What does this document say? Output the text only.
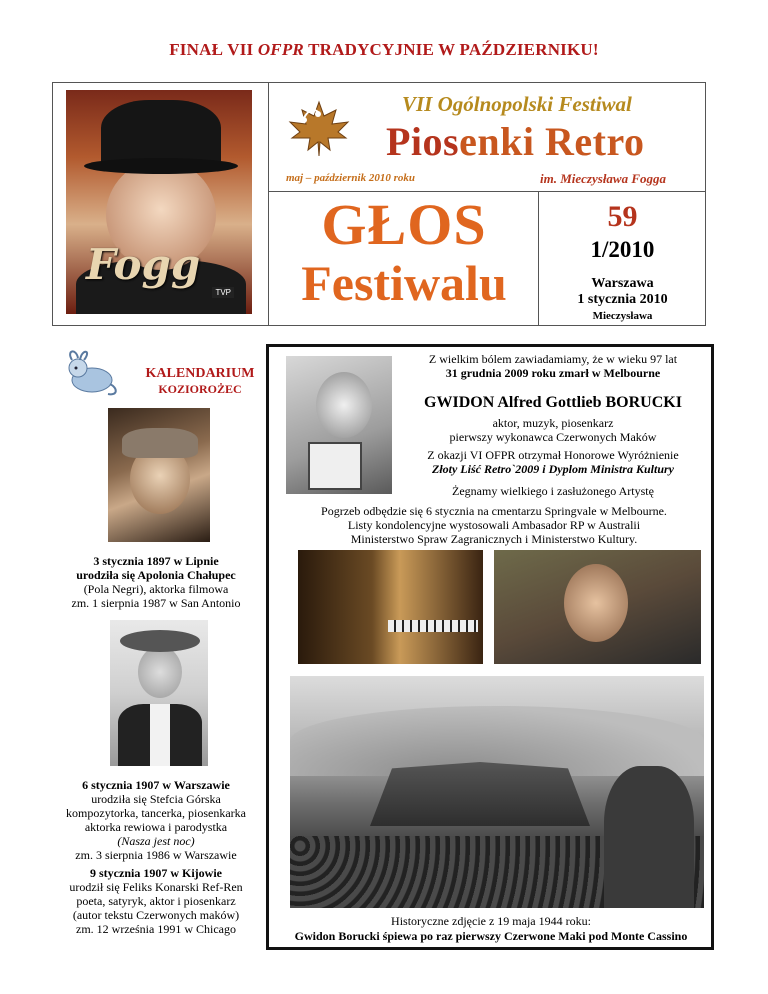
FINAŁ VII OFPR TRADYCYJNIE W PAŹDZIERNIKU!
Fogg
TVP
VII Ogólnopolski Festiwal
Piosenki Retro
maj – październik 2010 roku	im. Mieczysława Fogga
GŁOS
Festiwalu
59
1/2010
Warszawa
1 stycznia 2010
Mieczysława
KALENDARIUM
KOZIOROŻEC
3 stycznia 1897 w Lipnie
urodziła się Apolonia Chałupec
(Pola Negri), aktorka filmowa
zm. 1 sierpnia 1987 w San Antonio
6 stycznia 1907 w Warszawie
urodziła się Stefcia Górska
kompozytorka, tancerka, piosenkarka
aktorka rewiowa i parodystka
(Nasza jest noc)
zm. 3 sierpnia 1986 w Warszawie
9 stycznia 1907 w Kijowie
urodził się Feliks Konarski Ref-Ren
poeta, satyryk, aktor i piosenkarz
(autor tekstu Czerwonych maków)
zm. 12 września 1991 w Chicago
Z wielkim bólem zawiadamiamy, że w wieku 97 lat
31 grudnia 2009 roku zmarł w Melbourne
GWIDON Alfred Gottlieb BORUCKI
aktor, muzyk, piosenkarz
pierwszy wykonawca Czerwonych Maków
Z okazji VI OFPR otrzymał Honorowe Wyróżnienie
Złoty Liść Retro`2009 i Dyplom Ministra Kultury
Żegnamy wielkiego i zasłużonego Artystę
Pogrzeb odbędzie się 6 stycznia na cmentarzu Springvale w Melbourne.
Listy kondolencyjne wystosowali Ambasador RP w Australii
Ministerstwo Spraw Zagranicznych i Ministerstwo Kultury.
Historyczne zdjęcie z 19 maja 1944 roku:
Gwidon Borucki śpiewa po raz pierwszy Czerwone Maki pod Monte Cassino
